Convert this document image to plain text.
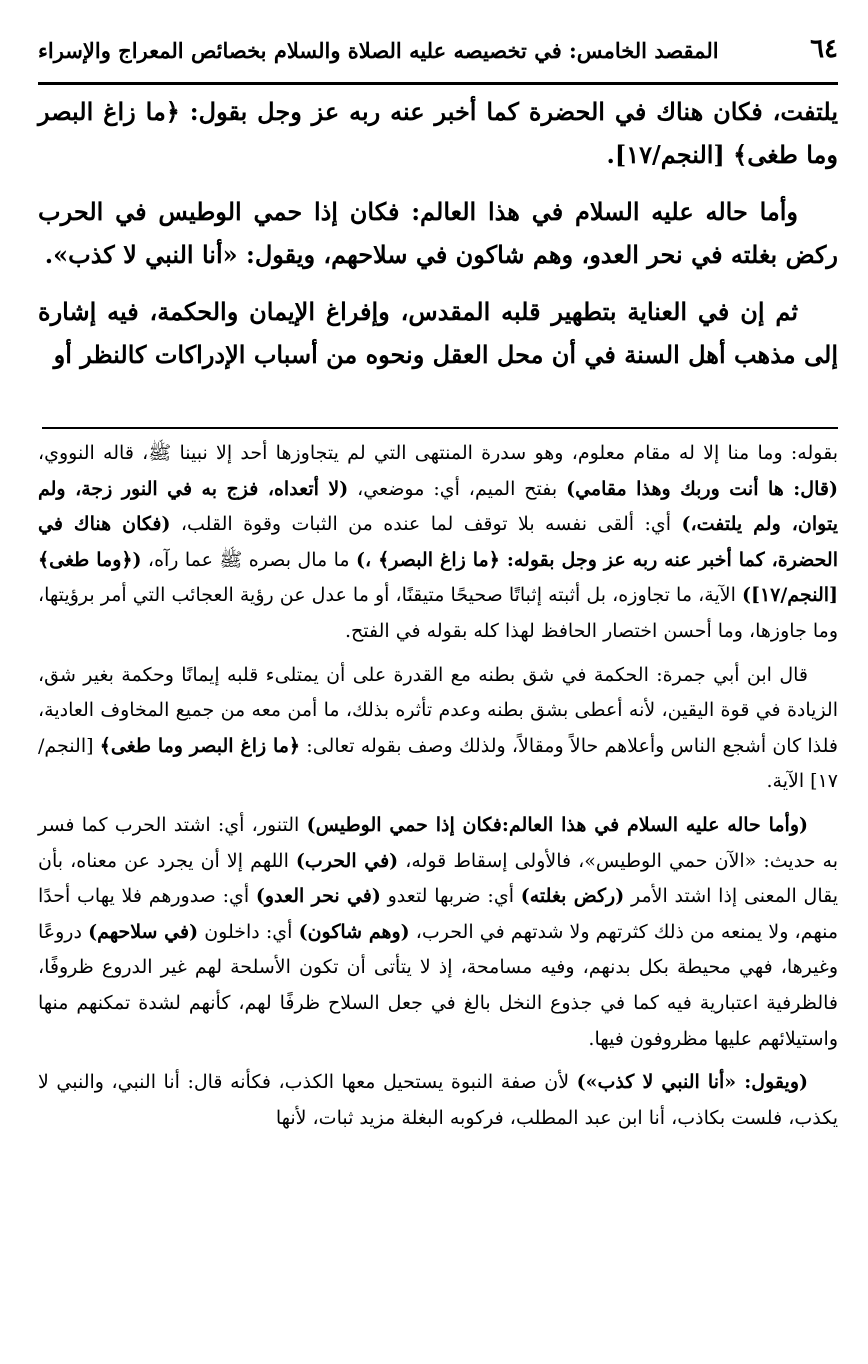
٦٤
المقصد الخامس: في تخصيصه عليه الصلاة والسلام بخصائص المعراج والإسراء

يلتفت، فكان هناك في الحضرة كما أخبر عنه ربه عز وجل بقول: ﴿ما زاغ البصر وما طغى﴾ [النجم/١٧].

وأما حاله عليه السلام في هذا العالم: فكان إذا حمي الوطيس في الحرب ركض بغلته في نحر العدو، وهم شاكون في سلاحهم، ويقول: «أنا النبي لا كذب».

ثم إن في العناية بتطهير قلبه المقدس، وإفراغ الإيمان والحكمة، فيه إشارة إلى مذهب أهل السنة في أن محل العقل ونحوه من أسباب الإدراكات كالنظر أو

بقوله: وما منا إلا له مقام معلوم، وهو سدرة المنتهى التي لم يتجاوزها أحد إلا نبينا ﷺ، قاله النووي، (قال: ها أنت وربك وهذا مقامي) بفتح الميم، أي: موضعي، (لا أتعداه، فزج به في النور زجة، ولم يتوان، ولم يلتفت،) أي: ألقى نفسه بلا توقف لما عنده من الثبات وقوة القلب، (فكان هناك في الحضرة، كما أخبر عنه ربه عز وجل بقوله: ﴿ما زاغ البصر﴾ ،) ما مال بصره ﷺ عما رآه، (﴿وما طغى﴾ [النجم/١٧]) الآية، ما تجاوزه، بل أثبته إثباتًا صحيحًا متيقنًا، أو ما عدل عن رؤية العجائب التي أمر برؤيتها، وما جاوزها، وما أحسن اختصار الحافظ لهذا كله بقوله في الفتح.

قال ابن أبي جمرة: الحكمة في شق بطنه مع القدرة على أن يمتلىء قلبه إيمانًا وحكمة بغير شق، الزيادة في قوة اليقين، لأنه أعطى بشق بطنه وعدم تأثره بذلك، ما أمن معه من جميع المخاوف العادية، فلذا كان أشجع الناس وأعلاهم حالاً ومقالاً، ولذلك وصف بقوله تعالى: ﴿ما زاغ البصر وما طغى﴾ [النجم/١٧] الآية.

(وأما حاله عليه السلام في هذا العالم:فكان إذا حمي الوطيس) التنور، أي: اشتد الحرب كما فسر به حديث: «الآن حمي الوطيس»، فالأولى إسقاط قوله، (في الحرب) اللهم إلا أن يجرد عن معناه، بأن يقال المعنى إذا اشتد الأمر (ركض بغلته) أي: ضربها لتعدو (في نحر العدو) أي: صدورهم فلا يهاب أحدًا منهم، ولا يمنعه من ذلك كثرتهم ولا شدتهم في الحرب، (وهم شاكون) أي: داخلون (في سلاحهم) دروعًا وغيرها، فهي محيطة بكل بدنهم، وفيه مسامحة، إذ لا يتأتى أن تكون الأسلحة لهم غير الدروع ظروفًا، فالظرفية اعتبارية فيه كما في جذوع النخل بالغ في جعل السلاح ظرفًا لهم، كأنهم لشدة تمكنهم منها واستيلائهم عليها مظروفون فيها.

(ويقول: «أنا النبي لا كذب») لأن صفة النبوة يستحيل معها الكذب، فكأنه قال: أنا النبي، والنبي لا يكذب، فلست بكاذب، أنا ابن عبد المطلب، فركوبه البغلة مزيد ثبات، لأنها
